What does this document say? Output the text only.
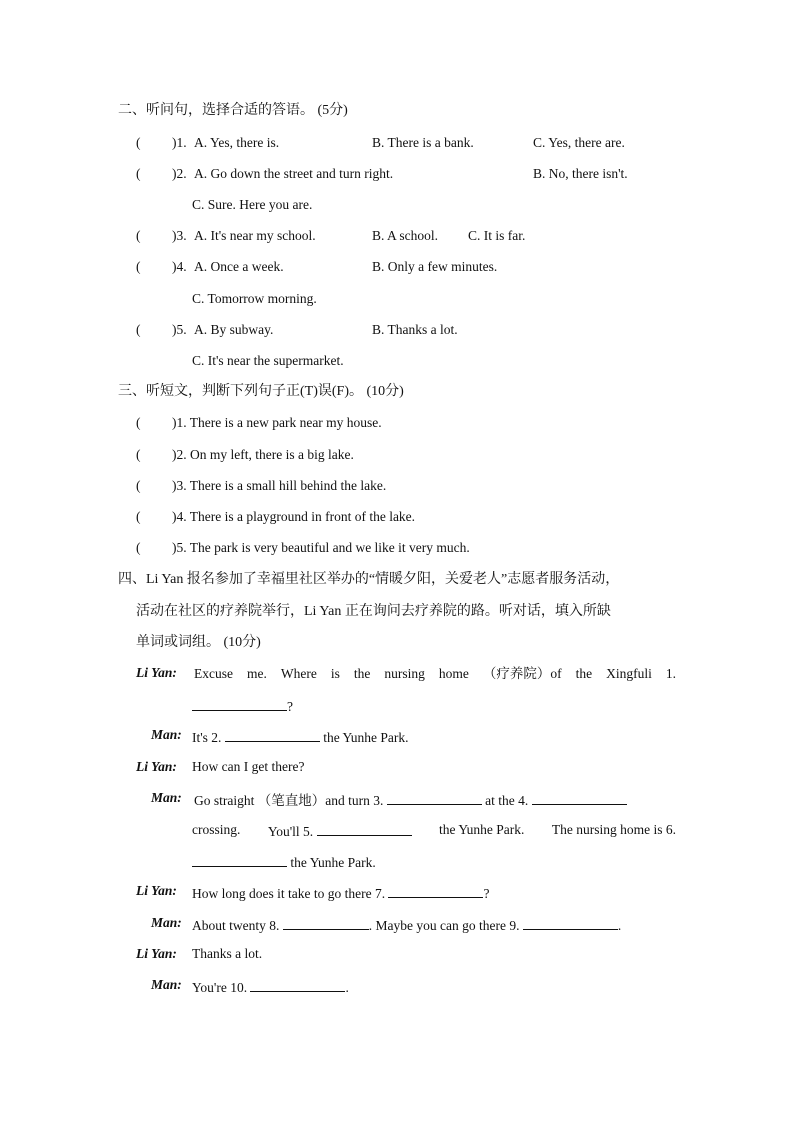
二、听问句，选择合适的答语。 (5分)
( )1. A. Yes, there is.	B. There is a bank.	C. Yes, there are.
( )2. A. Go down the street and turn right.	B. No, there isn't.
C. Sure. Here you are.
( )3. A. It's near my school.	B. A school. C. It is far.
( )4. A. Once a week.	B. Only a few minutes.
C. Tomorrow morning.
( )5. A. By subway.	B. Thanks a lot.
C. It's near the supermarket.
三、听短文，判断下列句子正(T)误(F)。 (10分)
( )1. There is a new park near my house.
( )2. On my left, there is a big lake.
( )3. There is a small hill behind the lake.
( )4. There is a playground in front of the lake.
( )5. The park is very beautiful and we like it very much.
四、Li Yan 报名参加了幸福里社区举办的“情暖夕阳，关爱老人”志愿者服务活动，
活动在社区的疗养院举行，Li Yan 正在询问去疗养院的路。听对话，填入所缺
单词或词组。 (10分)
Li Yan: Excuse me. Where is the nursing home （疗养院）of the Xingfuli 1.
?
Man: It's 2.	the Yunhe Park.
Li Yan: How can I get there?
Man: Go straight （笔直地）and turn 3.	at the 4.
crossing. You'll 5.	the Yunhe Park. The nursing home is 6.
the Yunhe Park.
Li Yan: How long does it take to go there 7.	?
Man: About twenty 8.	. Maybe you can go there 9.	.
Li Yan: Thanks a lot.
Man: You're 10.	.
